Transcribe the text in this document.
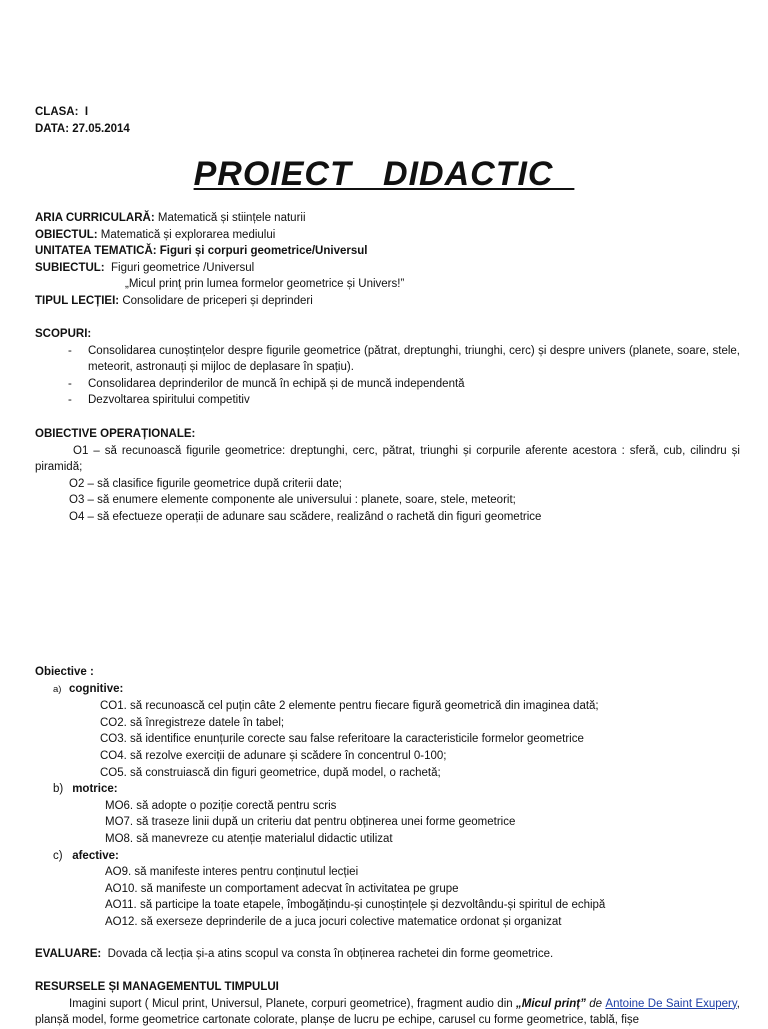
CLASA: I
DATA: 27.05.2014
PROIECT   DIDACTIC
ARIA CURRICULARĂ: Matematică și stiințele naturii
OBIECTUL: Matematică și explorarea mediului
UNITATEA TEMATICĂ: Figuri și corpuri geometrice/Universul
SUBIECTUL:  Figuri geometrice /Universul
„Micul prinț prin lumea formelor geometrice și Univers!”
TIPUL LECȚIEI: Consolidare de priceperi și deprinderi
SCOPURI:
- Consolidarea cunoștințelor despre figurile geometrice (pătrat, dreptunghi, triunghi, cerc) și despre univers (planete, soare, stele, meteorit, astronauți și mijloc de deplasare în spațiu).
- Consolidarea deprinderilor de muncă în echipă și de muncă independentă
- Dezvoltarea spiritului competitiv
OBIECTIVE OPERAȚIONALE:
O1 – să recunoască figurile geometrice: dreptunghi, cerc, pătrat, triunghi și corpurile aferente acestora : sferă, cub, cilindru și piramidă;
O2 – să clasifice figurile geometrice după criterii date;
O3 – să enumere elemente componente ale universului : planete, soare, stele, meteorit;
O4 – să efectueze operații de adunare sau scădere, realizând o rachetă din figuri geometrice
Obiective :
a) cognitive:
CO1. să recunoască cel puțin câte 2 elemente pentru fiecare figură geometrică din imaginea dată;
CO2. să înregistreze datele în tabel;
CO3. să identifice enunțurile corecte sau false referitoare la caracteristicile formelor geometrice
CO4. să rezolve exerciții de adunare și scădere în concentrul 0-100;
CO5. să construiască din figuri geometrice, după model, o rachetă;
b) motrice:
MO6. să adopte o poziție corectă pentru scris
MO7. să traseze linii după un criteriu dat pentru obținerea unei forme geometrice
MO8. să manevreze cu atenție materialul didactic utilizat
c) afective:
AO9. să manifeste interes pentru conținutul lecției
AO10. să manifeste un comportament adecvat în activitatea pe grupe
AO11. să participe la toate etapele, îmbogățindu-și cunoștințele și dezvoltându-și spiritul de echipă
AO12. să exerseze deprinderile de a juca jocuri colective matematice ordonat și organizat
EVALUARE:  Dovada că lecția și-a atins scopul va consta în obținerea rachetei din forme geometrice.
RESURSELE ȘI MANAGEMENTUL TIMPULUI
Imagini suport ( Micul print, Universul, Planete, corpuri geometrice), fragment audio din „Micul prinț” de Antoine De Saint Exupery, planșă model, forme geometrice cartonate colorate, planșe de lucru pe echipe, carusel cu forme geometrice, tablă, fișe
